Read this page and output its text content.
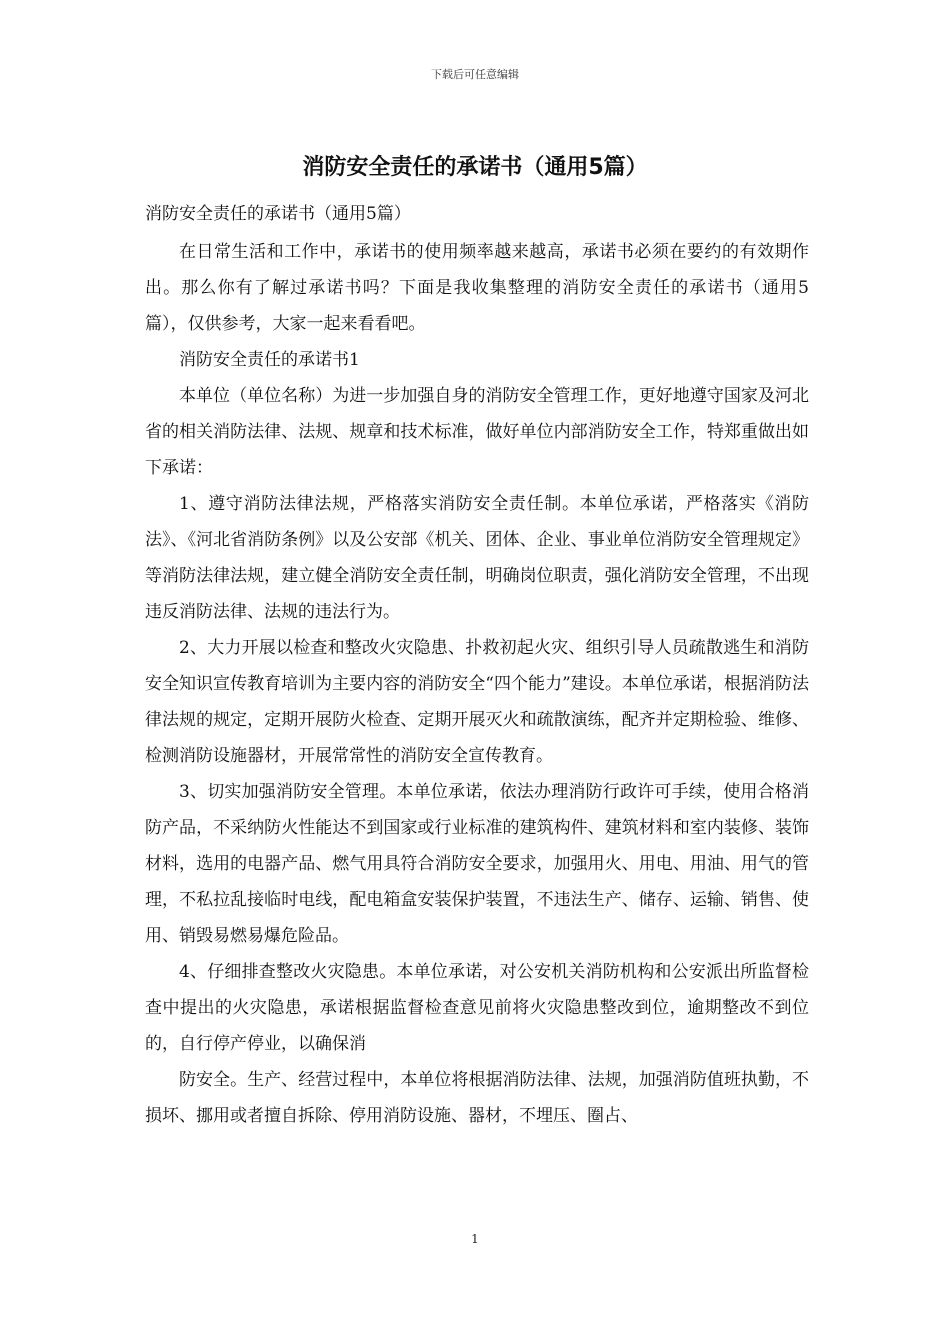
下载后可任意编辑
消防安全责任的承诺书（通用5篇）

消防安全责任的承诺书（通用5篇）

在日常生活和工作中，承诺书的使用频率越来越高，承诺书必须在要约的有效期作出。那么你有了解过承诺书吗？下面是我收集整理的消防安全责任的承诺书（通用5篇），仅供参考，大家一起来看看吧。

消防安全责任的承诺书1

本单位（单位名称）为进一步加强自身的消防安全管理工作，更好地遵守国家及河北省的相关消防法律、法规、规章和技术标准，做好单位内部消防安全工作，特郑重做出如下承诺：

1、遵守消防法律法规，严格落实消防安全责任制。本单位承诺，严格落实《消防法》、《河北省消防条例》以及公安部《机关、团体、企业、事业单位消防安全管理规定》等消防法律法规，建立健全消防安全责任制，明确岗位职责，强化消防安全管理，不出现违反消防法律、法规的违法行为。

2、大力开展以检查和整改火灾隐患、扑救初起火灾、组织引导人员疏散逃生和消防安全知识宣传教育培训为主要内容的消防安全“四个能力”建设。本单位承诺，根据消防法律法规的规定，定期开展防火检查、定期开展灭火和疏散演练，配齐并定期检验、维修、检测消防设施器材，开展常常性的消防安全宣传教育。

3、切实加强消防安全管理。本单位承诺，依法办理消防行政许可手续，使用合格消防产品，不采纳防火性能达不到国家或行业标准的建筑构件、建筑材料和室内装修、装饰材料，选用的电器产品、燃气用具符合消防安全要求，加强用火、用电、用油、用气的管理，不私拉乱接临时电线，配电箱盒安装保护装置，不违法生产、储存、运输、销售、使用、销毁易燃易爆危险品。

4、仔细排查整改火灾隐患。本单位承诺，对公安机关消防机构和公安派出所监督检查中提出的火灾隐患，承诺根据监督检查意见前将火灾隐患整改到位，逾期整改不到位的，自行停产停业，以确保消

防安全。生产、经营过程中，本单位将根据消防法律、法规，加强消防值班执勤，不损坏、挪用或者擅自拆除、停用消防设施、器材，不埋压、圈占、

1
